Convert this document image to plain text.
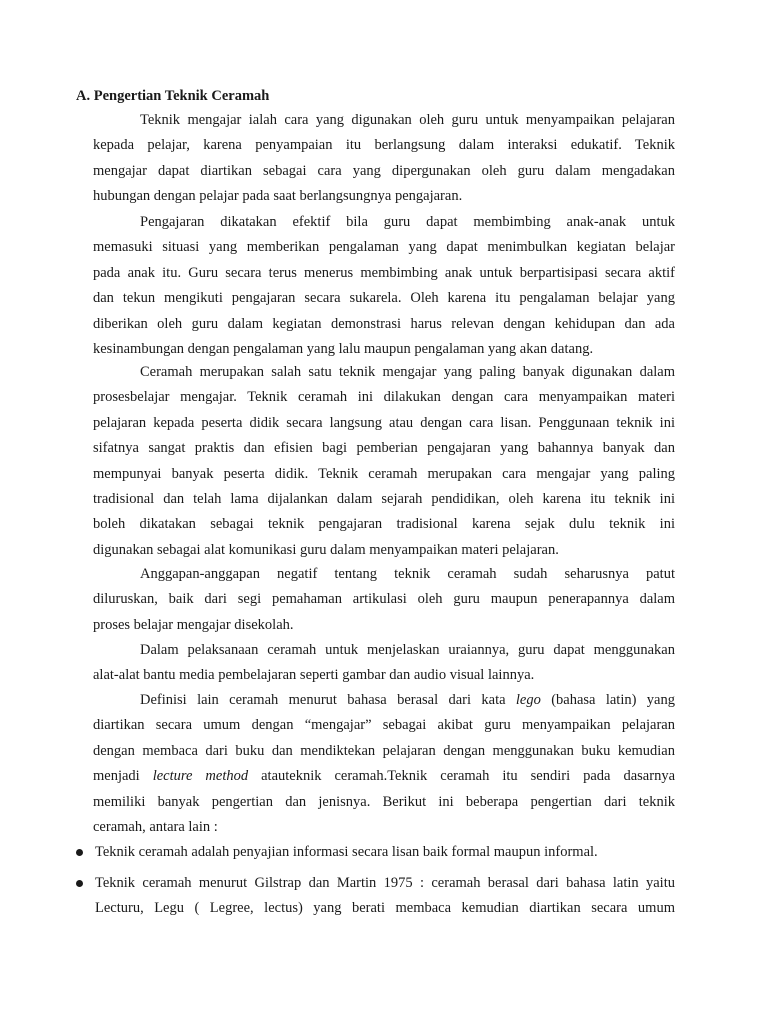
A. Pengertian Teknik Ceramah
Teknik mengajar ialah cara yang digunakan oleh guru untuk menyampaikan pelajaran
kepada pelajar, karena penyampaian itu berlangsung dalam interaksi edukatif. Teknik
mengajar dapat diartikan sebagai cara yang dipergunakan oleh guru dalam mengadakan
hubungan dengan pelajar pada saat berlangsungnya pengajaran.
Pengajaran dikatakan efektif bila guru dapat membimbing anak-anak untuk
memasuki situasi yang memberikan pengalaman yang dapat menimbulkan kegiatan belajar
pada anak itu. Guru secara terus menerus membimbing anak untuk berpartisipasi secara aktif
dan tekun mengikuti pengajaran secara sukarela. Oleh karena itu pengalaman belajar yang
diberikan oleh guru dalam kegiatan demonstrasi harus relevan dengan kehidupan dan ada
kesinambungan dengan pengalaman yang lalu maupun pengalaman yang akan datang.
Ceramah merupakan salah satu teknik mengajar yang paling banyak digunakan dalam
prosesbelajar mengajar. Teknik ceramah ini dilakukan dengan cara menyampaikan materi
pelajaran kepada peserta didik secara langsung atau dengan cara lisan. Penggunaan teknik ini
sifatnya sangat praktis dan efisien bagi pemberian pengajaran yang bahannya banyak dan
mempunyai banyak peserta didik. Teknik ceramah merupakan cara mengajar yang paling
tradisional dan telah lama dijalankan dalam sejarah pendidikan, oleh karena itu teknik ini
boleh dikatakan sebagai teknik pengajaran tradisional karena sejak dulu teknik ini
digunakan sebagai alat komunikasi guru dalam menyampaikan materi pelajaran.
Anggapan-anggapan negatif tentang teknik ceramah sudah seharusnya patut
diluruskan, baik dari segi pemahaman artikulasi oleh guru maupun penerapannya dalam
proses belajar mengajar disekolah.
Dalam pelaksanaan ceramah untuk menjelaskan uraiannya, guru dapat menggunakan
alat-alat bantu media pembelajaran seperti gambar dan audio visual lainnya.
Definisi lain ceramah menurut bahasa berasal dari kata lego (bahasa latin) yang
diartikan secara umum dengan “mengajar” sebagai akibat guru menyampaikan pelajaran
dengan membaca dari buku dan mendiktekan pelajaran dengan menggunakan buku kemudian
menjadi lecture method atauteknik ceramah.Teknik ceramah itu sendiri pada dasarnya
memiliki banyak pengertian dan jenisnya. Berikut ini beberapa pengertian dari teknik
ceramah, antara lain :
Teknik ceramah adalah penyajian informasi secara lisan baik formal maupun informal.
Teknik ceramah menurut Gilstrap dan Martin 1975 : ceramah berasal dari bahasa latin yaitu
Lecturu, Legu ( Legree, lectus) yang berati membaca kemudian diartikan secara umum
